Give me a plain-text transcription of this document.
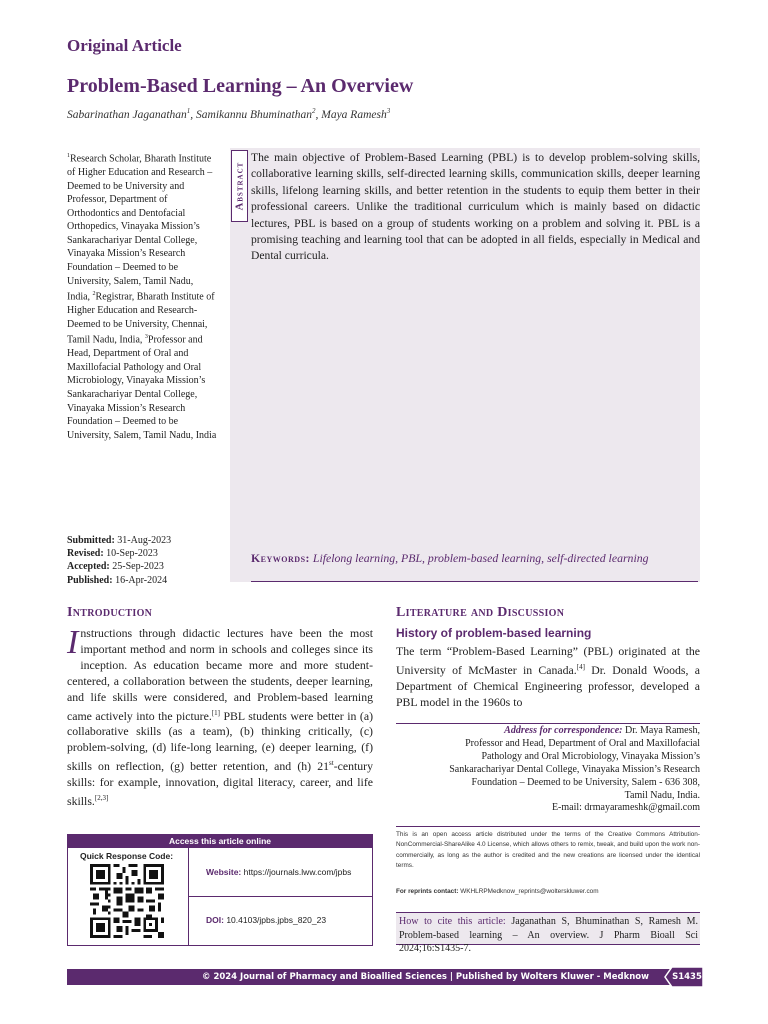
Original Article
Problem-Based Learning – An Overview
Sabarinathan Jaganathan$^1$, Samikannu Bhuminathan$^2$, Maya Ramesh$^3$
$^1$Research Scholar, Bharath Institute of Higher Education and Research – Deemed to be University and Professor, Department of Orthodontics and Dentofacial Orthopedics, Vinayaka Mission’s Sankarachariyar Dental College, Vinayaka Mission’s Research Foundation – Deemed to be University, Salem, Tamil Nadu, India, $^2$Registrar, Bharath Institute of Higher Education and Research- Deemed to be University, Chennai, Tamil Nadu, India, $^3$Professor and Head, Department of Oral and Maxillofacial Pathology and Oral Microbiology, Vinayaka Mission’s Sankarachariyar Dental College, Vinayaka Mission’s Research Foundation – Deemed to be University, Salem, Tamil Nadu, India
Submitted: 31-Aug-2023
Revised: 10-Sep-2023
Accepted: 25-Sep-2023
Published: 16-Apr-2024
Abstract
The main objective of Problem-Based Learning (PBL) is to develop problem-solving skills, collaborative learning skills, self-directed learning skills, communication skills, deeper learning skills, lifelong learning skills, and better retention in the students to equip them better in their professional careers. Unlike the traditional curriculum which is mainly based on didactic lectures, PBL is based on a group of students working on a problem and solving it. PBL is a promising teaching and learning tool that can be adopted in all fields, especially in Medical and Dental curricula.
Keywords: Lifelong learning, PBL, problem-based learning, self-directed learning
Introduction
Instructions through didactic lectures have been the most important method and norm in schools and colleges since its inception. As education became more and more student-centered, a collaboration between the students, deeper learning, and life skills were considered, and Problem-based learning came actively into the picture.[1] PBL students were better in (a) collaborative skills (as a team), (b) thinking critically, (c) problem-solving, (d) life-long learning, (e) deeper learning, (f) skills on reflection, (g) better retention, and (h) 21st-century skills: for example, innovation, digital literacy, career, and life skills.[2,3]
Literature and Discussion
History of problem-based learning
The term “Problem-Based Learning” (PBL) originated at the University of McMaster in Canada.[4] Dr. Donald Woods, a Department of Chemical Engineering professor, developed a PBL model in the 1960s to
Access this article online
Quick Response Code:
Website: https://journals.lww.com/jpbs
DOI: 10.4103/jpbs.jpbs_820_23
Address for correspondence: Dr. Maya Ramesh,
Professor and Head, Department of Oral and Maxillofacial
Pathology and Oral Microbiology, Vinayaka Mission’s
Sankarachariyar Dental College, Vinayaka Mission’s Research
Foundation – Deemed to be University, Salem - 636 308,
Tamil Nadu, India.
E-mail: drmayarameshk@gmail.com
This is an open access article distributed under the terms of the Creative Commons Attribution-NonCommercial-ShareAlike 4.0 License, which allows others to remix, tweak, and build upon the work non-commercially, as long as the author is credited and the new creations are licensed under the identical terms.
For reprints contact: WKHLRPMedknow_reprints@wolterskluwer.com
How to cite this article: Jaganathan S, Bhuminathan S, Ramesh M. Problem-based learning – An overview. J Pharm Bioall Sci 2024;16:S1435-7.
© 2024 Journal of Pharmacy and Bioallied Sciences | Published by Wolters Kluwer - Medknow	S1435
